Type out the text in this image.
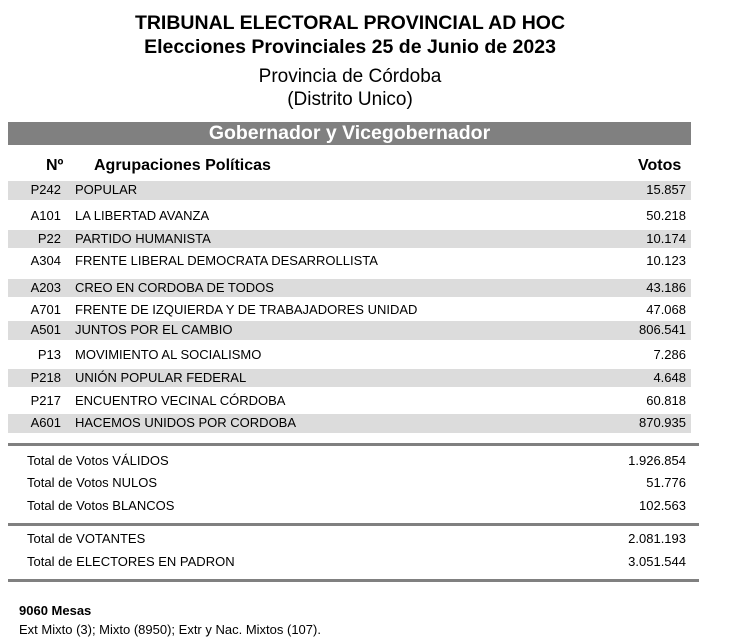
TRIBUNAL ELECTORAL PROVINCIAL AD HOC
Elecciones Provinciales 25 de Junio de 2023
Provincia de Córdoba
(Distrito Unico)
Gobernador y Vicegobernador
Nº Agrupaciones Políticas	Votos
P242 POPULAR	15.857
A101 LA LIBERTAD AVANZA	50.218
P22 PARTIDO HUMANISTA	10.174
A304 FRENTE LIBERAL DEMOCRATA DESARROLLISTA	10.123
A203 CREO EN CORDOBA DE TODOS	43.186
A701 FRENTE DE IZQUIERDA Y DE TRABAJADORES UNIDAD	47.068
A501 JUNTOS POR EL CAMBIO	806.541
P13 MOVIMIENTO AL SOCIALISMO	7.286
P218 UNIÓN POPULAR FEDERAL	4.648
P217 ENCUENTRO VECINAL CÓRDOBA	60.818
A601 HACEMOS UNIDOS POR CORDOBA	870.935
Total de Votos VÁLIDOS	1.926.854
Total de Votos NULOS	51.776
Total de Votos BLANCOS	102.563
Total de VOTANTES	2.081.193
Total de ELECTORES EN PADRON	3.051.544
9060 Mesas
Ext Mixto (3); Mixto (8950); Extr y Nac. Mixtos (107).
